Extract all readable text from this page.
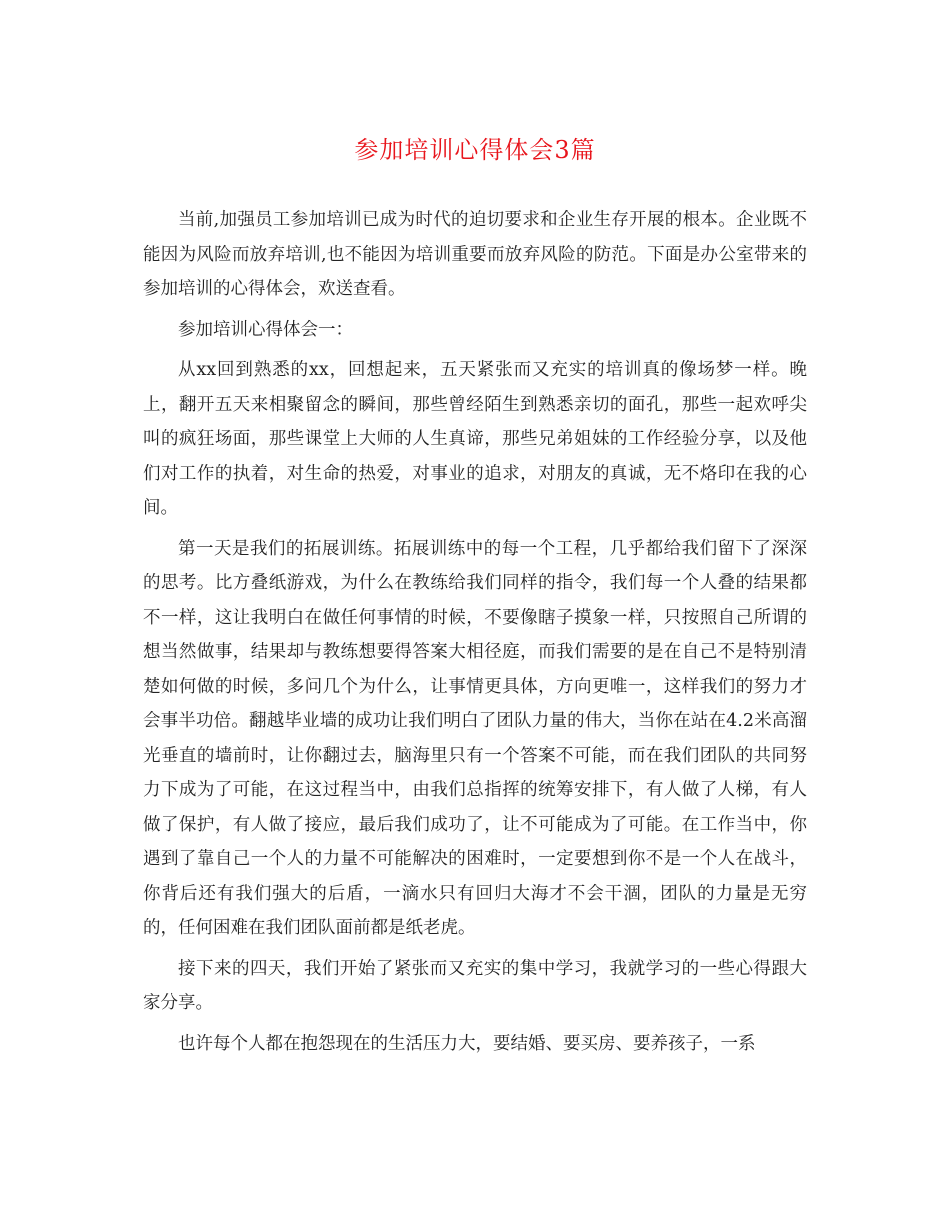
参加培训心得体会3篇

当前,加强员工参加培训已成为时代的迫切要求和企业生存开展的根本。企业既不能因为风险而放弃培训,也不能因为培训重要而放弃风险的防范。下面是办公室带来的参加培训的心得体会，欢送查看。

参加培训心得体会一：

从xx回到熟悉的xx，回想起来，五天紧张而又充实的培训真的像场梦一样。晚上，翻开五天来相聚留念的瞬间，那些曾经陌生到熟悉亲切的面孔，那些一起欢呼尖叫的疯狂场面，那些课堂上大师的人生真谛，那些兄弟姐妹的工作经验分享，以及他们对工作的执着，对生命的热爱，对事业的追求，对朋友的真诚，无不烙印在我的心间。

第一天是我们的拓展训练。拓展训练中的每一个工程，几乎都给我们留下了深深的思考。比方叠纸游戏，为什么在教练给我们同样的指令，我们每一个人叠的结果都不一样，这让我明白在做任何事情的时候，不要像瞎子摸象一样，只按照自己所谓的想当然做事，结果却与教练想要得答案大相径庭，而我们需要的是在自己不是特别清楚如何做的时候，多问几个为什么，让事情更具体，方向更唯一，这样我们的努力才会事半功倍。翻越毕业墙的成功让我们明白了团队力量的伟大，当你在站在4.2米高溜光垂直的墙前时，让你翻过去，脑海里只有一个答案不可能，而在我们团队的共同努力下成为了可能，在这过程当中，由我们总指挥的统筹安排下，有人做了人梯，有人做了保护，有人做了接应，最后我们成功了，让不可能成为了可能。在工作当中，你遇到了靠自己一个人的力量不可能解决的困难时，一定要想到你不是一个人在战斗，你背后还有我们强大的后盾，一滴水只有回归大海才不会干涸，团队的力量是无穷的，任何困难在我们团队面前都是纸老虎。

接下来的四天，我们开始了紧张而又充实的集中学习，我就学习的一些心得跟大家分享。

也许每个人都在抱怨现在的生活压力大，要结婚、要买房、要养孩子，一系
